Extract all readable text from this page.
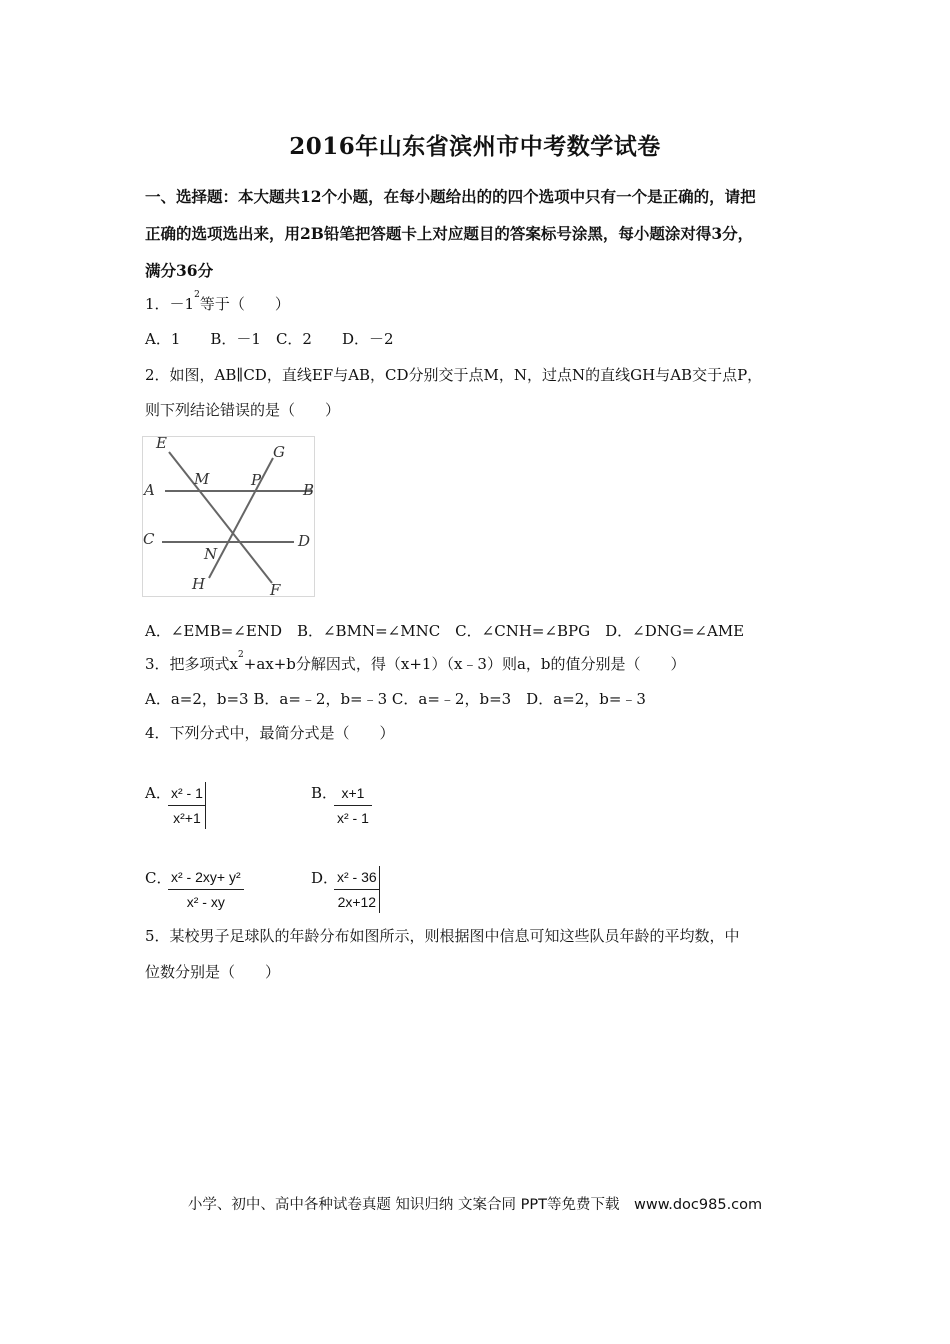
2016年山东省滨州市中考数学试卷
一、选择题：本大题共12个小题，在每小题给出的的四个选项中只有一个是正确的，请把
正确的选项选出来，用2B铅笔把答题卡上对应题目的答案标号涂黑，每小题涂对得3分，
满分36分
1．$-1^2$等于（　　）
A．1　　B．－1　C．2　　D．－2
2．如图，AB∥CD，直线EF与AB，CD分别交于点M，N，过点N的直线GH与AB交于点P，
则下列结论错误的是（　　）
E
M	P
G
A	B
C	D
N
H	F
A．∠EMB=∠END　B．∠BMN=∠MNC　C．∠CNH=∠BPG　D．∠DNG=∠AME
3．把多项式$x^2+ax+b$分解因式，得（x+1）（x﹣3）则a，b的值分别是（　　）
A．a=2，b=3 B．a=﹣2，b=﹣3 C．a=﹣2，b=3　D．a=2，b=﹣3
4．下列分式中，最简分式是（　　）
A． x² - 1
x²+1
B． x+1
x² - 1
C． x² - 2xy+ y²
x² - xy
D．
x² - 36
2x+12
5．某校男子足球队的年龄分布如图所示，则根据图中信息可知这些队员年龄的平均数，中
位数分别是（　　）
小学、初中、高中各种试卷真题 知识归纳 文案合同 PPT等免费下载　www.doc985.com
